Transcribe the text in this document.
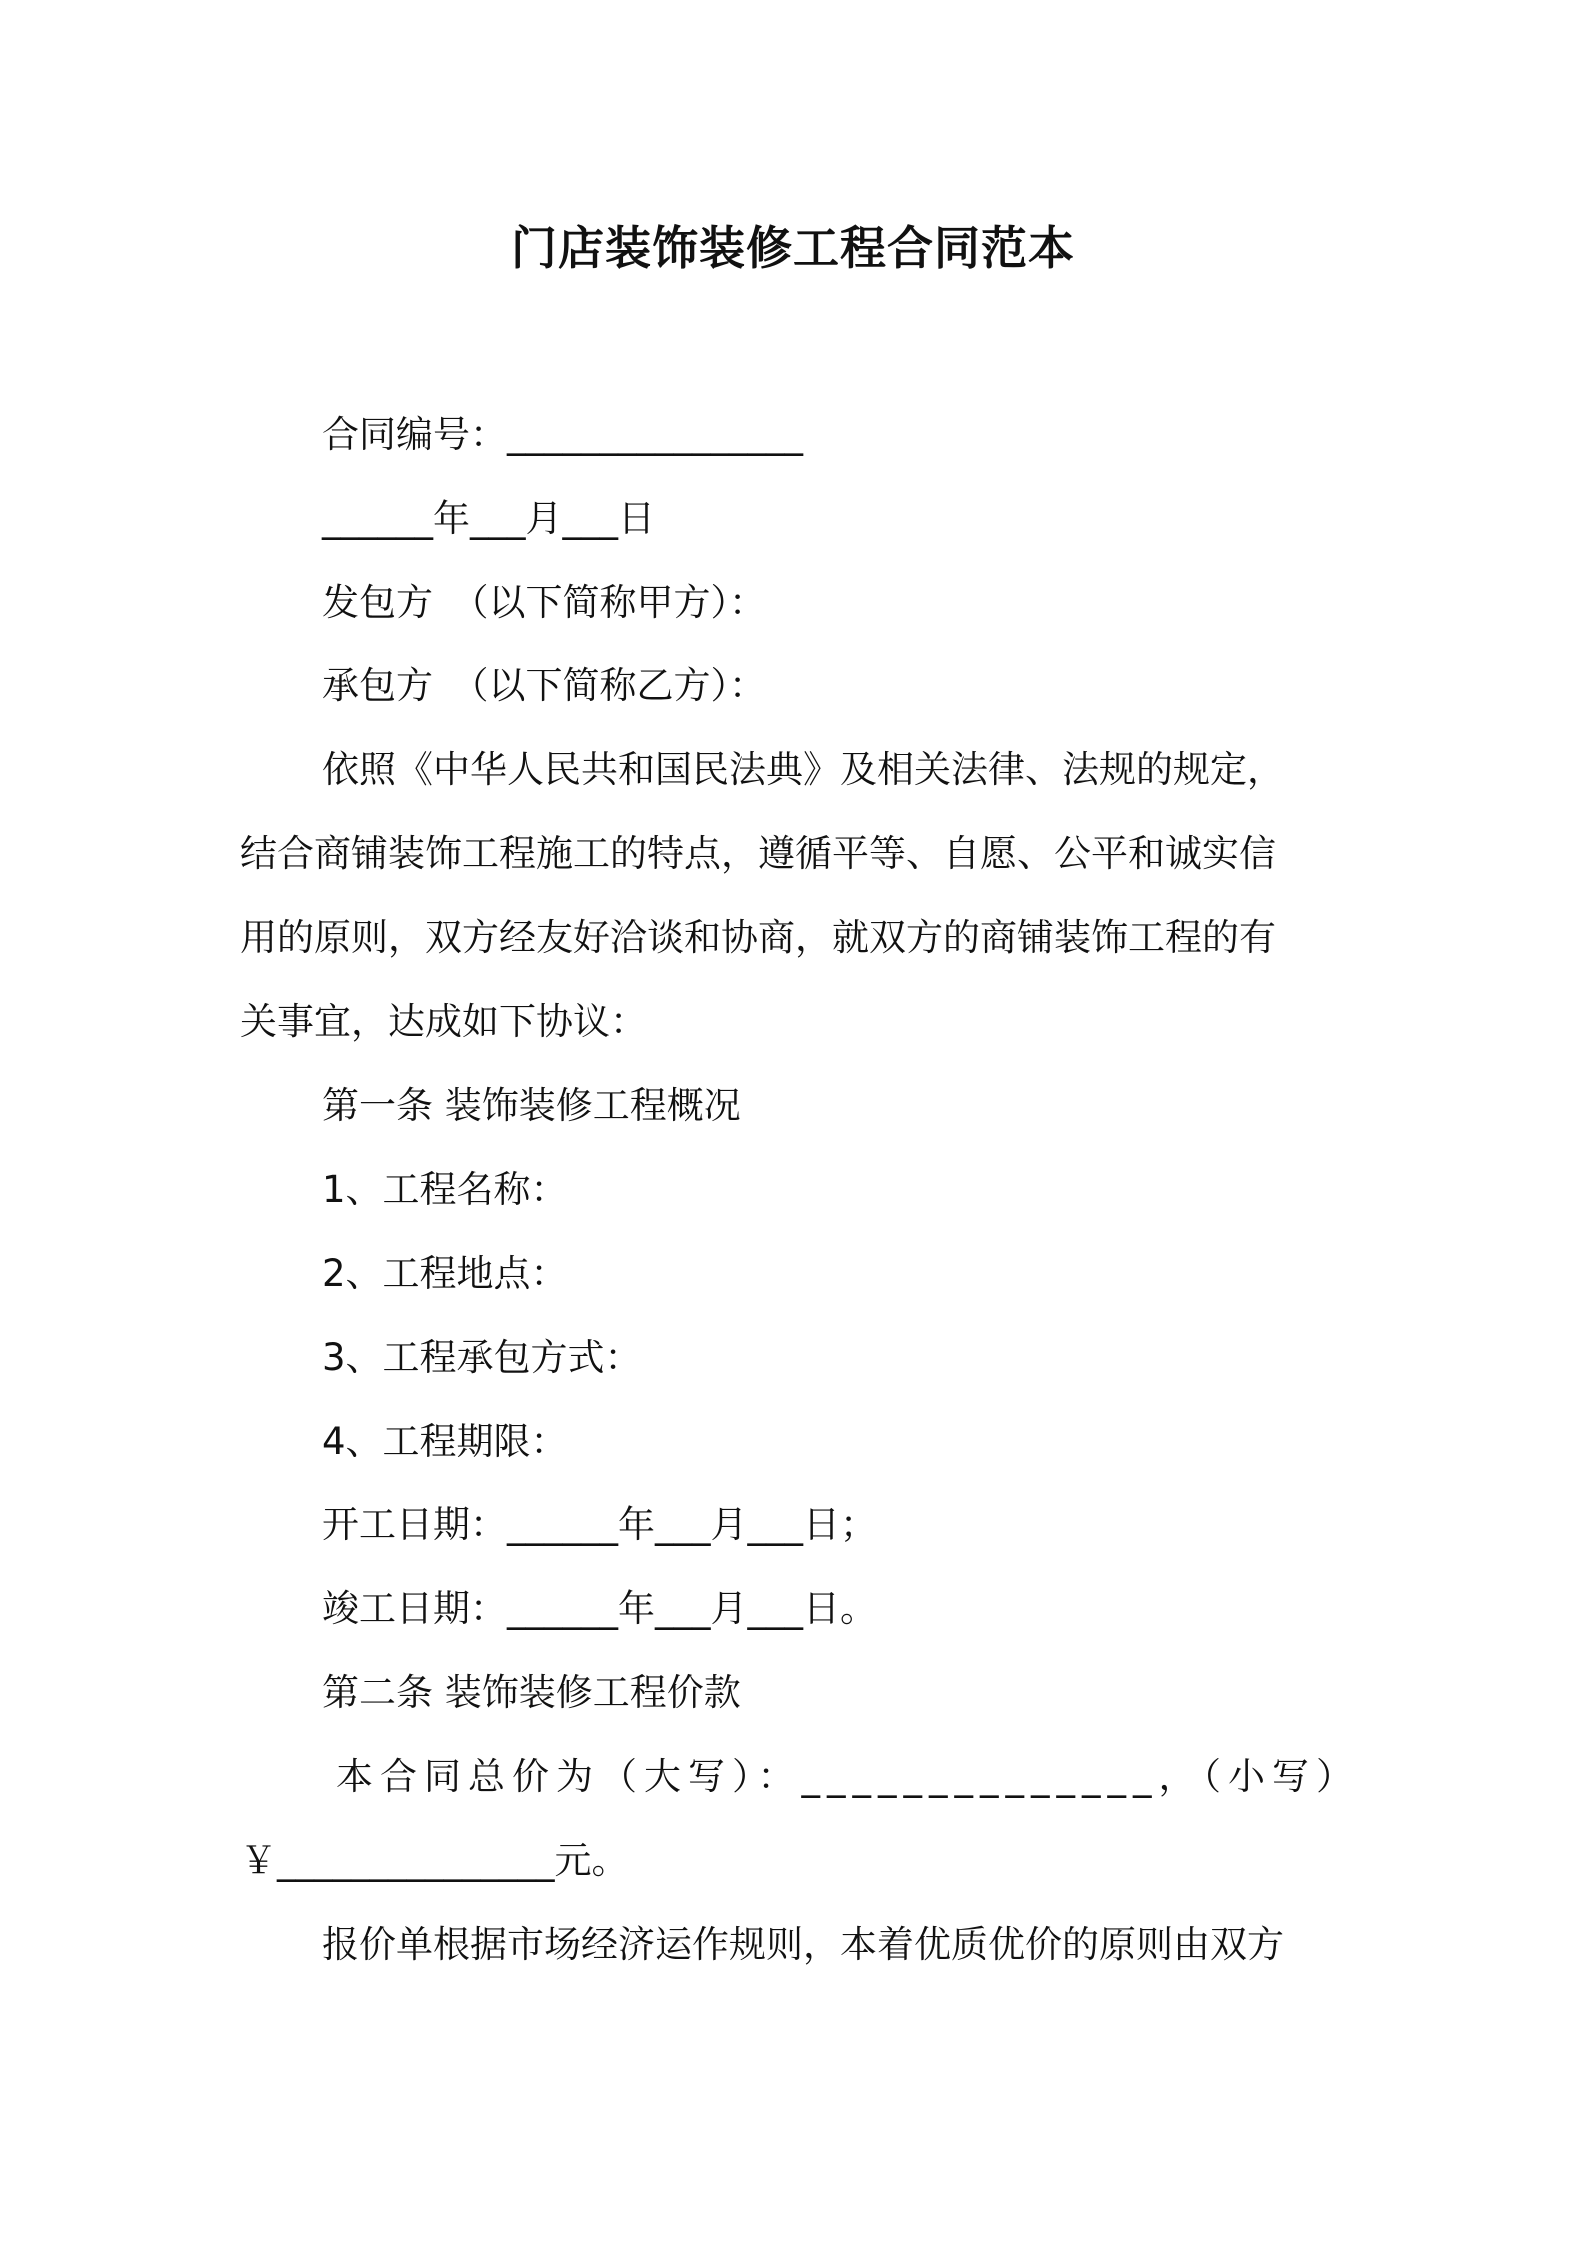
门店装饰装修工程合同范本

合同编号：________________

______年___月___日

发包方　（以下简称甲方）：

承包方　（以下简称乙方）：

依照《中华人民共和国民法典》及相关法律、法规的规定，

结合商铺装饰工程施工的特点，遵循平等、自愿、公平和诚实信

用的原则，双方经友好洽谈和协商，就双方的商铺装饰工程的有

关事宜，达成如下协议：

第一条 装饰装修工程概况

1、工程名称：

2、工程地点：

3、工程承包方式：

4、工程期限：

开工日期：______年___月___日；

竣工日期：______年___月___日。

第二条 装饰装修工程价款

本合同总价为（大写）：______________，（小写）

￥_______________元。

报价单根据市场经济运作规则，本着优质优价的原则由双方
